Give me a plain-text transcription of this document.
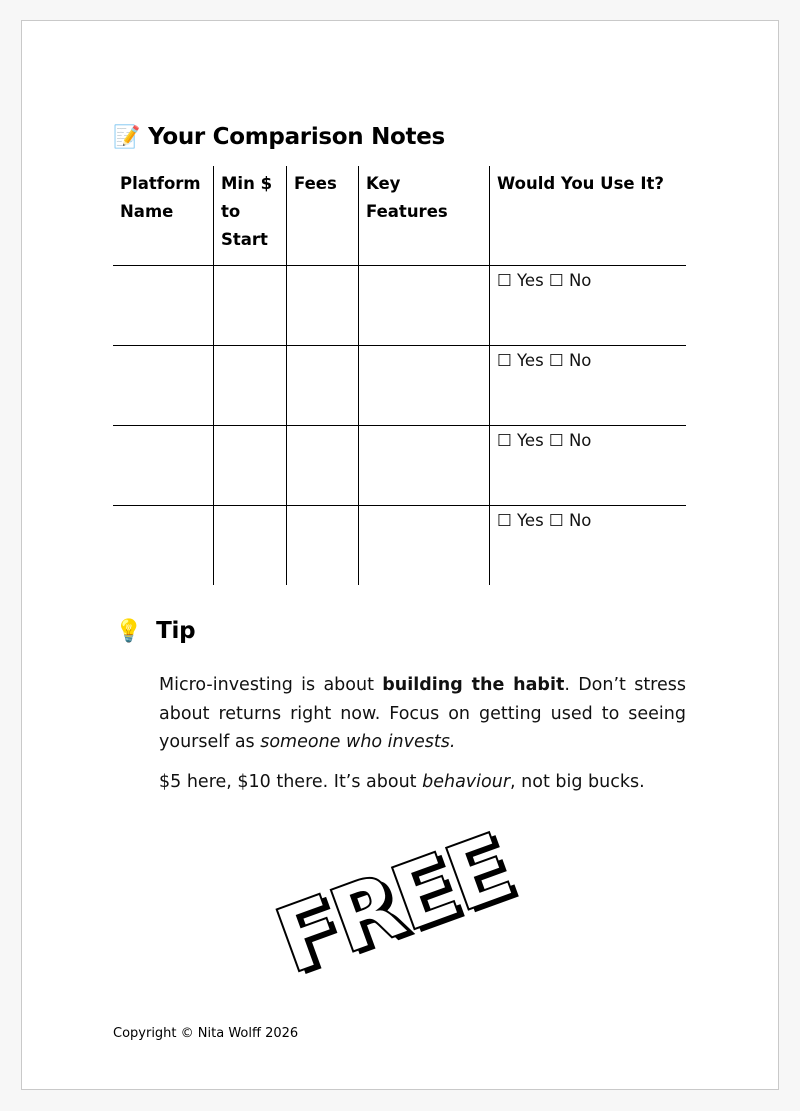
📝 Your Comparison Notes
Platform Name	Min $ to Start	Fees	Key Features	Would You Use It?
				☐ Yes ☐ No
				☐ Yes ☐ No
				☐ Yes ☐ No
				☐ Yes ☐ No
💡 Tip
Micro-investing is about building the habit. Don’t stress about returns right now. Focus on getting used to seeing yourself as someone who invests.
$5 here, $10 there. It’s about behaviour, not big bucks.
FREE
Copyright © Nita Wolff 2026
